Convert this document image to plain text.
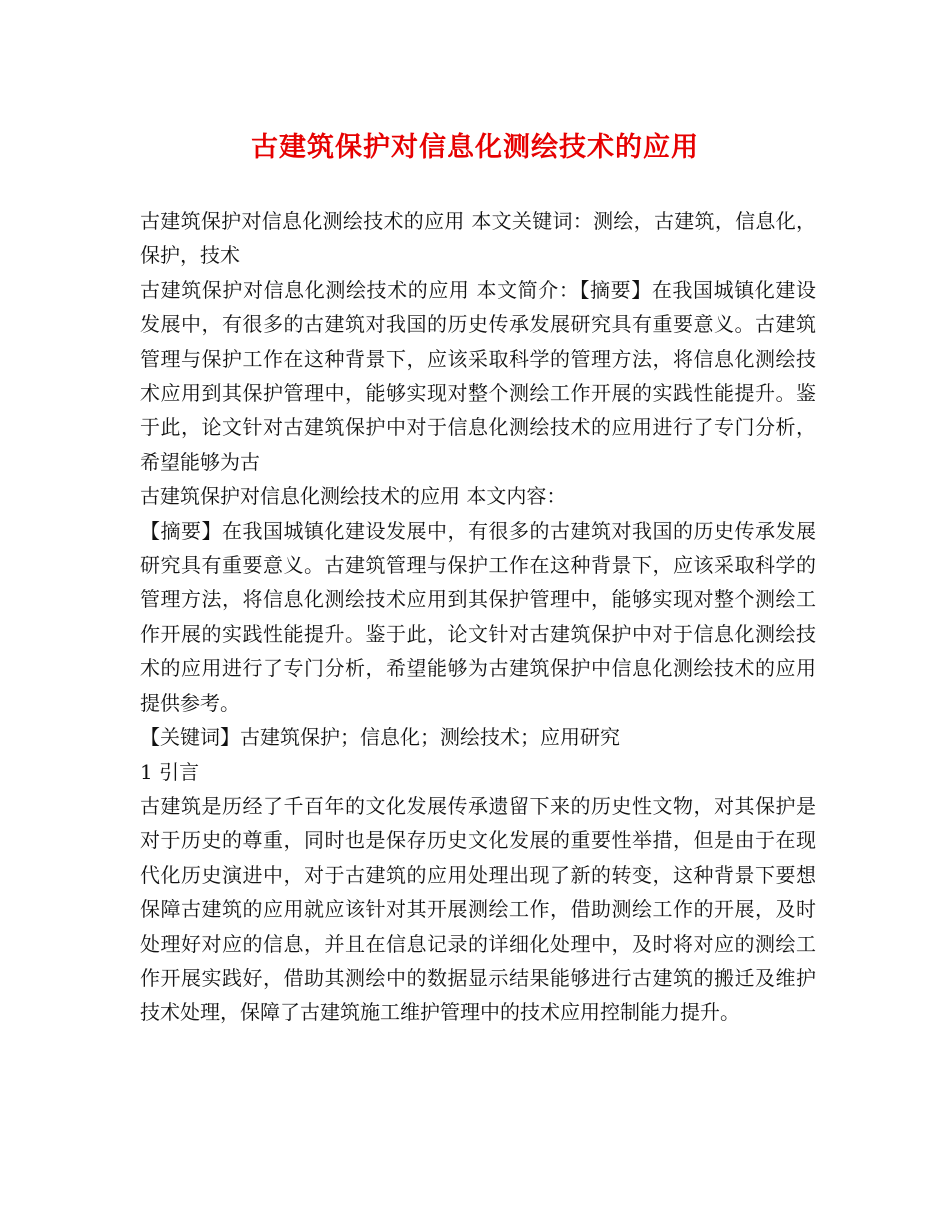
古建筑保护对信息化测绘技术的应用

古建筑保护对信息化测绘技术的应用 本文关键词：测绘，古建筑，信息化，保护，技术

古建筑保护对信息化测绘技术的应用 本文简介：【摘要】在我国城镇化建设发展中，有很多的古建筑对我国的历史传承发展研究具有重要意义。古建筑管理与保护工作在这种背景下，应该采取科学的管理方法，将信息化测绘技术应用到其保护管理中，能够实现对整个测绘工作开展的实践性能提升。鉴于此，论文针对古建筑保护中对于信息化测绘技术的应用进行了专门分析，希望能够为古

古建筑保护对信息化测绘技术的应用 本文内容：

【摘要】在我国城镇化建设发展中，有很多的古建筑对我国的历史传承发展研究具有重要意义。古建筑管理与保护工作在这种背景下，应该采取科学的管理方法，将信息化测绘技术应用到其保护管理中，能够实现对整个测绘工作开展的实践性能提升。鉴于此，论文针对古建筑保护中对于信息化测绘技术的应用进行了专门分析，希望能够为古建筑保护中信息化测绘技术的应用提供参考。

【关键词】古建筑保护；信息化；测绘技术；应用研究

1 引言

古建筑是历经了千百年的文化发展传承遗留下来的历史性文物，对其保护是对于历史的尊重，同时也是保存历史文化发展的重要性举措，但是由于在现代化历史演进中，对于古建筑的应用处理出现了新的转变，这种背景下要想保障古建筑的应用就应该针对其开展测绘工作，借助测绘工作的开展，及时处理好对应的信息，并且在信息记录的详细化处理中，及时将对应的测绘工作开展实践好，借助其测绘中的数据显示结果能够进行古建筑的搬迁及维护技术处理，保障了古建筑施工维护管理中的技术应用控制能力提升。
